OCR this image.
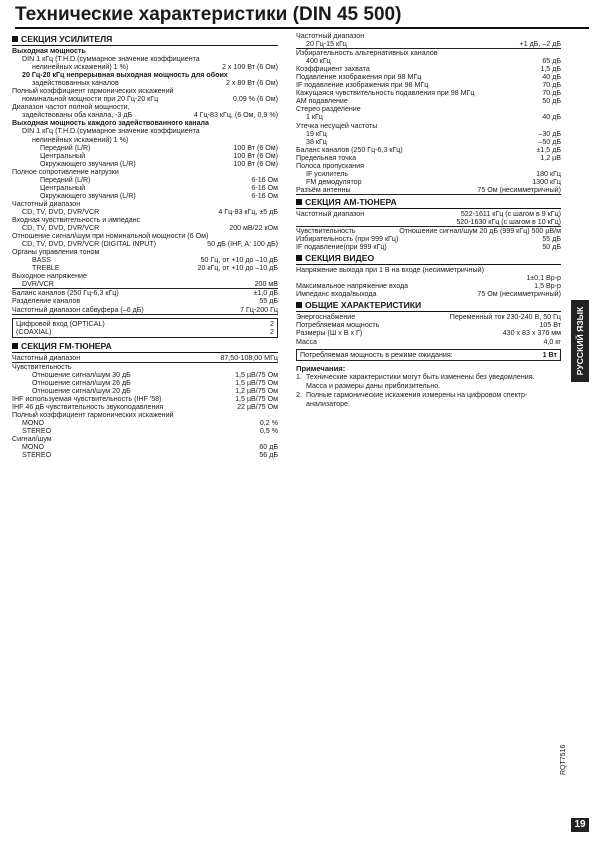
Технические характеристики (DIN 45 500)
СЕКЦИЯ УСИЛИТЕЛЯ
Выходная мощность
DIN 1 кГц (T.H.D.(суммарное значение коэффициента
нелинейных искажений) 1 %)	2 x 100 Вт (6 Ом)
20 Гц-20 кГц непрерывная выходная мощность для обоих
задействованных каналов	2 x 80 Вт (6 Ом)
Полный коэффициент гармонических искажений
номинальной мощности при 20 Гц-20 кГц	0,09 % (6 Ом)
Диапазон частот полной мощности,
задействованы оба канала, -3 дБ	4 Гц-83 кГц, (6 Ом, 0,9 %)
Выходная мощность каждого задействованного канала
DIN 1 кГц (T.H.D.(суммарное значение коэффициента
нелинейных искажений) 1 %)
Передний (L/R)	100 Вт (6 Ом)
Центральный	100 Вт (6 Ом)
Окружающего звучания (L/R)	100 Вт (6 Ом)
Полное сопротивление нагрузки
Передний (L/R)	6-16 Ом
Центральный	6-16 Ом
Окружающего звучания (L/R)	6-16 Ом
Частотный диапазон
CD, TV, DVD, DVR/VCR	4 Гц-83 кГц, ±5 дБ
Входная чувствительность и импеданс
CD, TV, DVD, DVR/VCR	200 мВ/22 кОм
Отношение сигнал/шум при номинальной мощности (6 Ом)
CD, TV, DVD, DVR/VCR (DIGITAL INPUT)	50 дБ (IHF, A: 100 дБ)
Органы управления тоном
BASS	50 Гц, от +10 до –10 дБ
TREBLE	20 кГц, от +10 до –10 дБ
Выходное напряжение
DVR/VCR	200 мВ
Баланс каналов (250 Гц-6,3 кГц)	±1,0 дБ
Разделение каналов	55 дБ
Частотный диапазон сабвуфера (–6 дБ)	7 Гц-200 Гц
Цифровой вход (OPTICAL)	2
(COAXIAL)	2
СЕКЦИЯ FM-ТЮНЕРА
Частотный диапазон	87,50-108,00 МГц
Чувствительность
Отношение сигнал/шум 30 дБ	1,5 µВ/75 Ом
Отношение сигнал/шум 26 дБ	1,5 µВ/75 Ом
Отношение сигнал/шум 20 дБ	1,2 µВ/75 Ом
IHF используемая чувствительность (IHF '58)	1,5 µВ/75 Ом
IHF 46 дБ чувствительность звукоподавления	22 µВ/75 Ом
Полный коэффициент гармонических искажений
MONO	0,2 %
STEREO	0,5 %
Сигнал/шум
MONO	60 дБ
STEREO	56 дБ
Частотный диапазон
20 Гц-15 кГц	+1 дБ, –2 дБ
Избирательность альтернативных каналов
400 кГц	65 дБ
Коэффициент захвата	1,5 дБ
Подавление изображения при 98 МГц	40 дБ
IF подавление изображения при 98 МГц	70 дБ
Кажущаяся чувствительность подавления при 98 МГц	70 дБ
AM подавление	50 дБ
Стерео разделение
1 кГц	40 дБ
Утечка несущей частоты
19 кГц	–30 дБ
38 кГц	–50 дБ
Баланс каналов (250 Гц-6,3 кГц)	±1,5 дБ
Предельная точка	1,2 µВ
Полоса пропускания
IF усилитель	180 кГц
FM демодулятор	1300 кГц
Разъём антенны	75 Ом (несимметричный)
СЕКЦИЯ AM-ТЮНЕРА
Частотный диапазон	522-1611 кГц (с шагом в 9 кГц)
520-1630 кГц (с шагом в 10 кГц)
Чувствительность	Отношение сигнал/шум 20 дБ (999 кГц) 500 µВ/м
Избирательность (при 999 кГц)	55 дБ
IF подавление(при 999 кГц)	50 дБ
СЕКЦИЯ ВИДЕО
Напряжение выхода при 1 В на входе (несимметричный)
1±0,1 Вр-р
Максимальное напряжение входа	1,5 Вр-р
Импеданс входа/выхода	75 Ом (несимметричный)
ОБЩИЕ ХАРАКТЕРИСТИКИ
Энергоснабжение	Переменный ток 230-240 В, 50 Гц
Потребляемая мощность	105 Вт
Размеры (Ш x В x Г)	430 x 83 x 376 мм
Масса	4,0 кг
Потребляемая мощность в режиме ожидания:	1 Вт
Примечания:
1. Технические характеристики могут быть изменены без уведомления.
Масса и размеры даны приблизительно.
2. Полные гармонические искажения измерены на цифровом спектр-анализаторе.
РУССКИЙ ЯЗЫК
RQT7516
19
